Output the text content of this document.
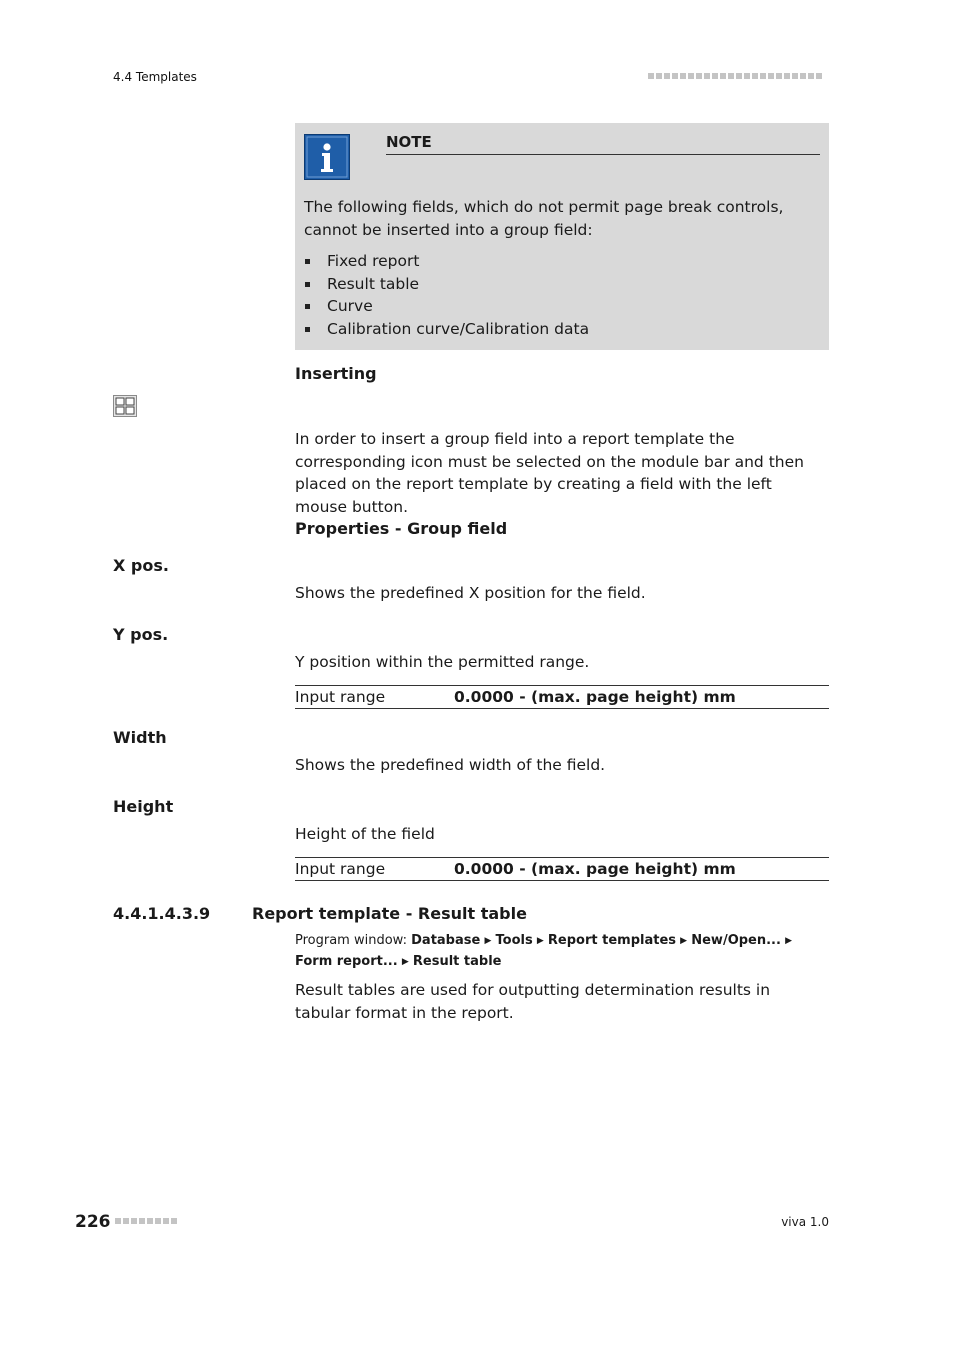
4.4 Templates
NOTE
The following fields, which do not permit page break controls, cannot be inserted into a group field:
Fixed report
Result table
Curve
Calibration curve/Calibration data
Inserting
In order to insert a group field into a report template the corresponding icon must be selected on the module bar and then placed on the report template by creating a field with the left mouse button.
Properties - Group field
X pos.
Shows the predefined X position for the field.
Y pos.
Y position within the permitted range.
Input range	0.0000 - (max. page height) mm
Width
Shows the predefined width of the field.
Height
Height of the field
Input range	0.0000 - (max. page height) mm
4.4.1.4.3.9	Report template - Result table
Program window: Database ▶ Tools ▶ Report templates ▶ New/Open... ▶ Form report... ▶ Result table
Result tables are used for outputting determination results in tabular format in the report.
226	viva 1.0
